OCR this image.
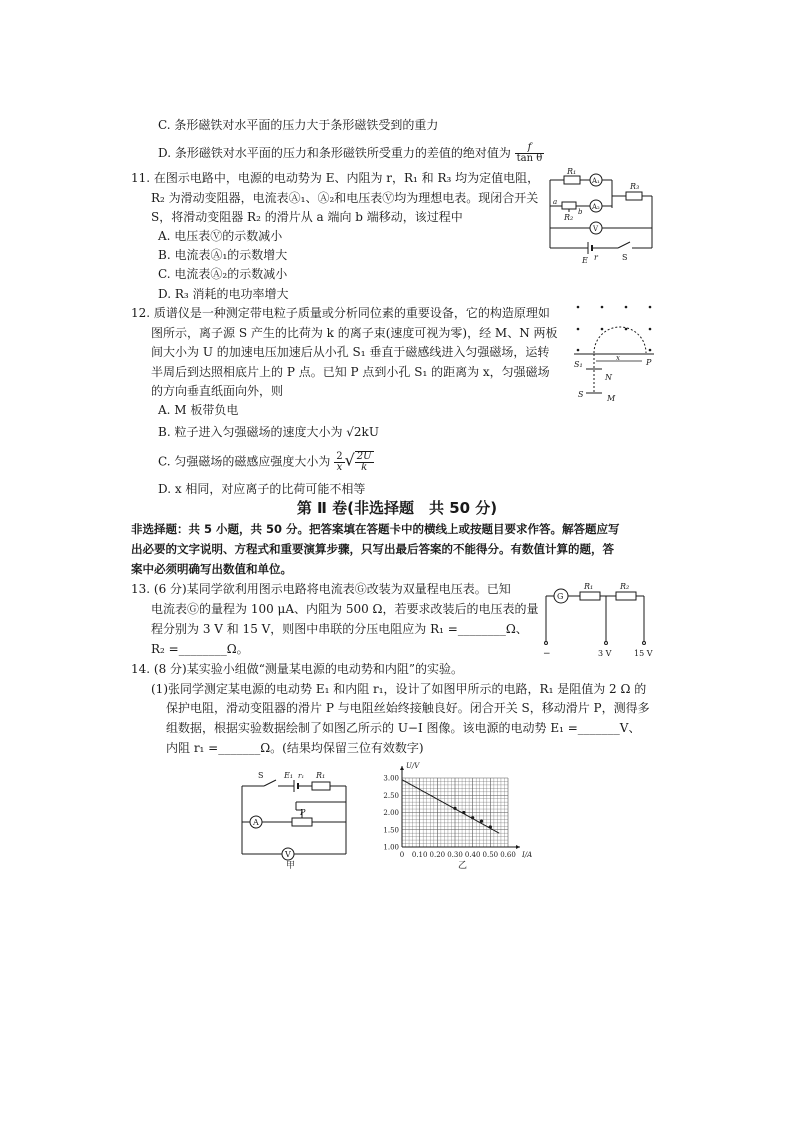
C. 条形磁铁对水平面的压力大于条形磁铁受到的重力
D. 条形磁铁对水平面的压力和条形磁铁所受重力的差值的绝对值为 $\frac{f}{\text{tan θ}}$
11. 在图示电路中，电源的电动势为 E、内阻为 r，R₁ 和 R₃ 均为定值电阻，
R₂ 为滑动变阻器，电流表Ⓐ₁、Ⓐ₂和电压表Ⓥ均为理想电表。现闭合开关
S，将滑动变阻器 R₂ 的滑片从 a 端向 b 端移动，该过程中
A. 电压表Ⓥ的示数减小
B. 电流表Ⓐ₁的示数增大
C. 电流表Ⓐ₂的示数减小
D. R₃ 消耗的电功率增大
R₁
A₁
R₃
a
b
R₂
A₂
V
E r	S
12. 质谱仪是一种测定带电粒子质量或分析同位素的重要设备，它的构造原理如
图所示，离子源 S 产生的比荷为 k 的离子束(速度可视为零)，经 M、N 两板
间大小为 U 的加速电压加速后从小孔 S₁ 垂直于磁感线进入匀强磁场，运转
半周后到达照相底片上的 P 点。已知 P 点到小孔 S₁ 的距离为 x，匀强磁场
的方向垂直纸面向外，则
A. M 板带负电
B. 粒子进入匀强磁场的速度大小为 √2kU
C. 匀强磁场的磁感应强度大小为 $\frac{2}{x}$ √ $\frac{2U}{k}$
D. x 相同，对应离子的比荷可能不相等
S₁	P
x
N
S	M
第 Ⅱ 卷(非选择题　共 50 分)
非选择题：共 5 小题，共 50 分。把答案填在答题卡中的横线上或按题目要求作答。解答题应写
出必要的文字说明、方程式和重要演算步骤，只写出最后答案的不能得分。有数值计算的题，答
案中必须明确写出数值和单位。
13. (6 分)某同学欲利用图示电路将电流表Ⓖ改装为双量程电压表。已知
电流表Ⓖ的量程为 100 μA、内阻为 500 Ω，若要求改装后的电压表的量
程分别为 3 V 和 15 V，则图中串联的分压电阻应为 R₁ =________Ω、
R₂ =________Ω。
G
R₁	R₂
−	3 V	15 V
14. (8 分)某实验小组做“测量某电源的电动势和内阻”的实验。
(1)张同学测定某电源的电动势 E₁ 和内阻 r₁，设计了如图甲所示的电路，R₁ 是阻值为 2 Ω 的
保护电阻，滑动变阻器的滑片 P 与电阻丝始终接触良好。闭合开关 S，移动滑片 P，测得多
组数据，根据实验数据绘制了如图乙所示的 U−I 图像。该电源的电动势 E₁ =_______V、
内阻 r₁ =_______Ω。(结果均保留三位有效数字)
S	E₁ r₁ R₁
P
A
V
甲
0 0.10 0.20 0.30 0.40 0.50 0.60
1.00
1.50
2.00
2.50
3.00
U/V
I/A
乙
